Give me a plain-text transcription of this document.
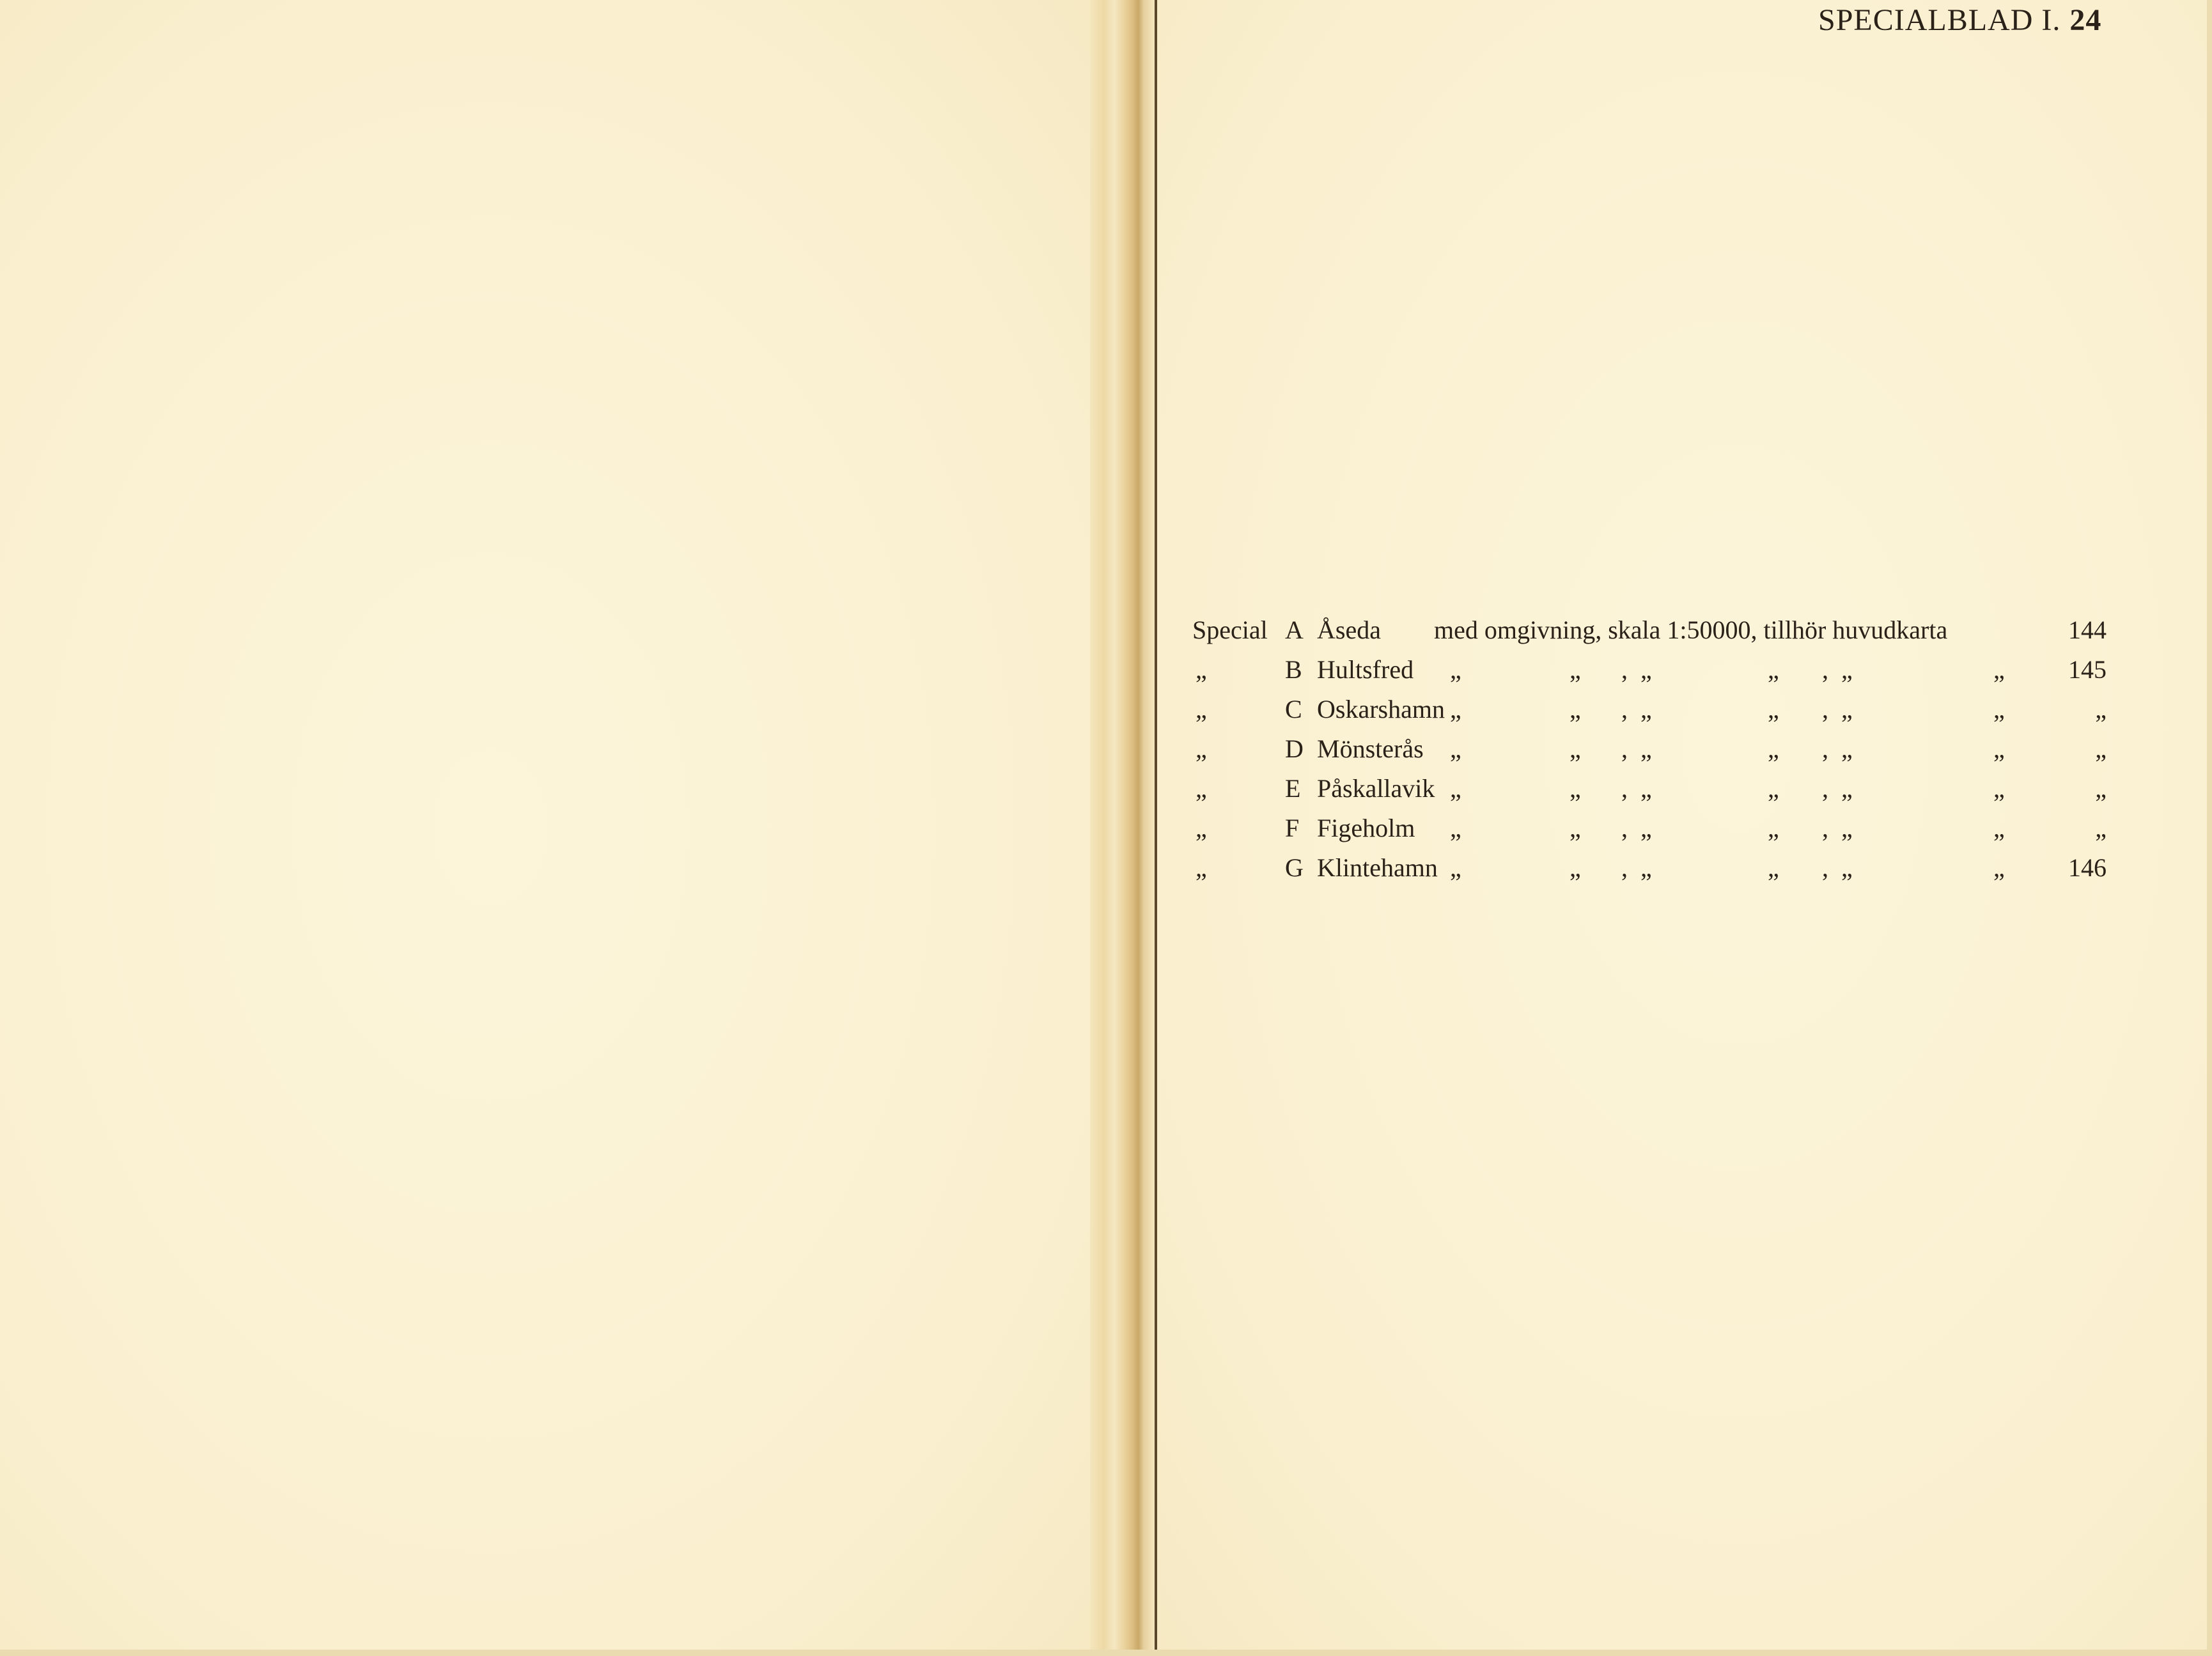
SPECIALBLAD I. 24
Special A Åseda med omgivning, skala 1:50000, tillhör huvudkarta	144
„	B Hultsfred „	„ , „	„ , „	„	145
„	C Oskarshamn „	„ , „	„ , „	„	„
„	D Mönsterås „	„ , „	„ , „	„	„
„	E Påskallavik „	„ , „	„ , „	„	„
„	F Figeholm „	„ , „	„ , „	„	„
„	G Klintehamn „	„ , „	„ , „	„	146
